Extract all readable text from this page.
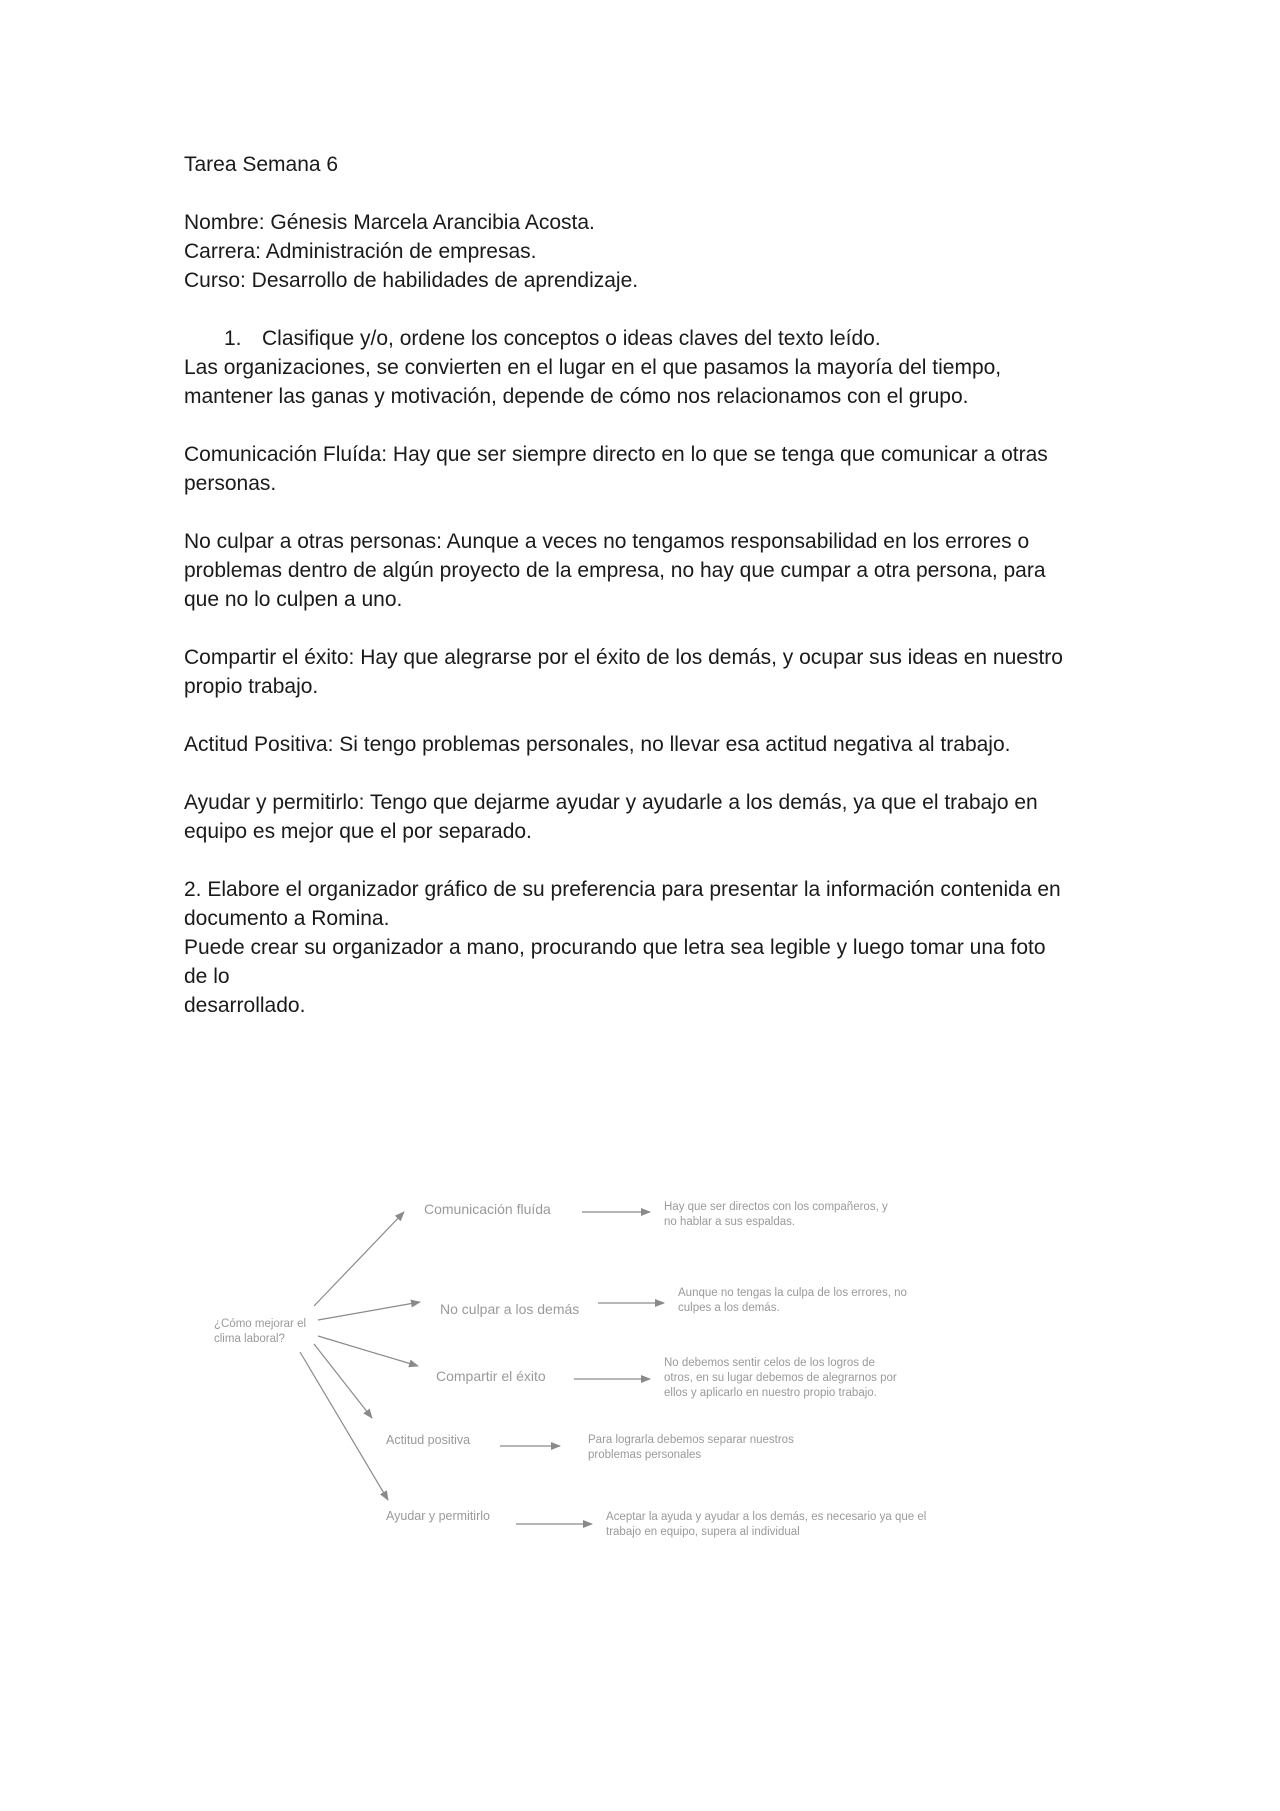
Tarea Semana 6

Nombre: Génesis Marcela Arancibia Acosta.

Carrera: Administración de empresas.

Curso: Desarrollo de habilidades de aprendizaje.

1. Clasifique y/o, ordene los conceptos o ideas claves del texto leído.

Las organizaciones, se convierten en el lugar en el que pasamos la mayoría del tiempo,

mantener las ganas y motivación, depende de cómo nos relacionamos con el grupo.

Comunicación Fluída: Hay que ser siempre directo en lo que se tenga que comunicar a otras

personas.

No culpar a otras personas: Aunque a veces no tengamos responsabilidad en los errores o

problemas dentro de algún proyecto de la empresa, no hay que cumpar a otra persona, para

que no lo culpen a uno.

Compartir el éxito: Hay que alegrarse por el éxito de los demás, y ocupar sus ideas en nuestro

propio trabajo.

Actitud Positiva: Si tengo problemas personales, no llevar esa actitud negativa al trabajo.

Ayudar y permitirlo: Tengo que dejarme ayudar y ayudarle a los demás, ya que el trabajo en

equipo es mejor que el por separado.

2. Elabore el organizador gráfico de su preferencia para presentar la información contenida en

documento a Romina.

Puede crear su organizador a mano, procurando que letra sea legible y luego tomar una foto

de lo

desarrollado.

¿Cómo mejorar el
clima laboral?
Comunicación fluída	Hay que ser directos con los compañeros, y
no hablar a sus espaldas.
No culpar a los demás
Aunque no tengas la culpa de los errores, no
culpes a los demás.
Compartir el éxito
No debemos sentir celos de los logros de
otros, en su lugar debemos de alegrarnos por
ellos y aplicarlo en nuestro propio trabajo.
Actitud positiva	Para lograrla debemos separar nuestros
problemas personales
Ayudar y permitirlo	Aceptar la ayuda y ayudar a los demás, es necesario ya que el
trabajo en equipo, supera al individual
